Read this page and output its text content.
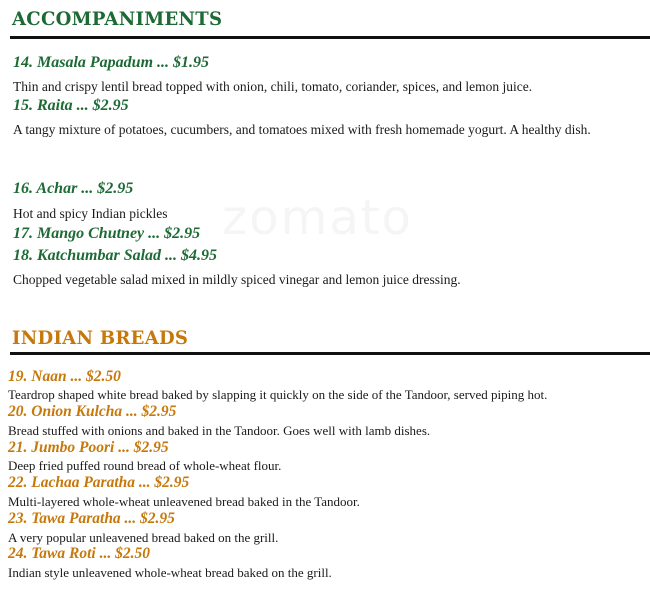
zomato
ACCOMPANIMENTS

14. Masala Papadum ... $1.95

Thin and crispy lentil bread topped with onion, chili, tomato, coriander, spices, and lemon juice.

15. Raita ... $2.95

A tangy mixture of potatoes, cucumbers, and tomatoes mixed with fresh homemade yogurt. A healthy dish.

16. Achar ... $2.95

Hot and spicy Indian pickles

17. Mango Chutney ... $2.95

18. Katchumbar Salad ... $4.95

Chopped vegetable salad mixed in mildly spiced vinegar and lemon juice dressing.

INDIAN BREADS

19. Naan ... $2.50

Teardrop shaped white bread baked by slapping it quickly on the side of the Tandoor, served piping hot.

20. Onion Kulcha ... $2.95

Bread stuffed with onions and baked in the Tandoor. Goes well with lamb dishes.

21. Jumbo Poori ... $2.95

Deep fried puffed round bread of whole-wheat flour.

22. Lachaa Paratha ... $2.95

Multi-layered whole-wheat unleavened bread baked in the Tandoor.

23. Tawa Paratha ... $2.95

A very popular unleavened bread baked on the grill.

24. Tawa Roti ... $2.50

Indian style unleavened whole-wheat bread baked on the grill.
